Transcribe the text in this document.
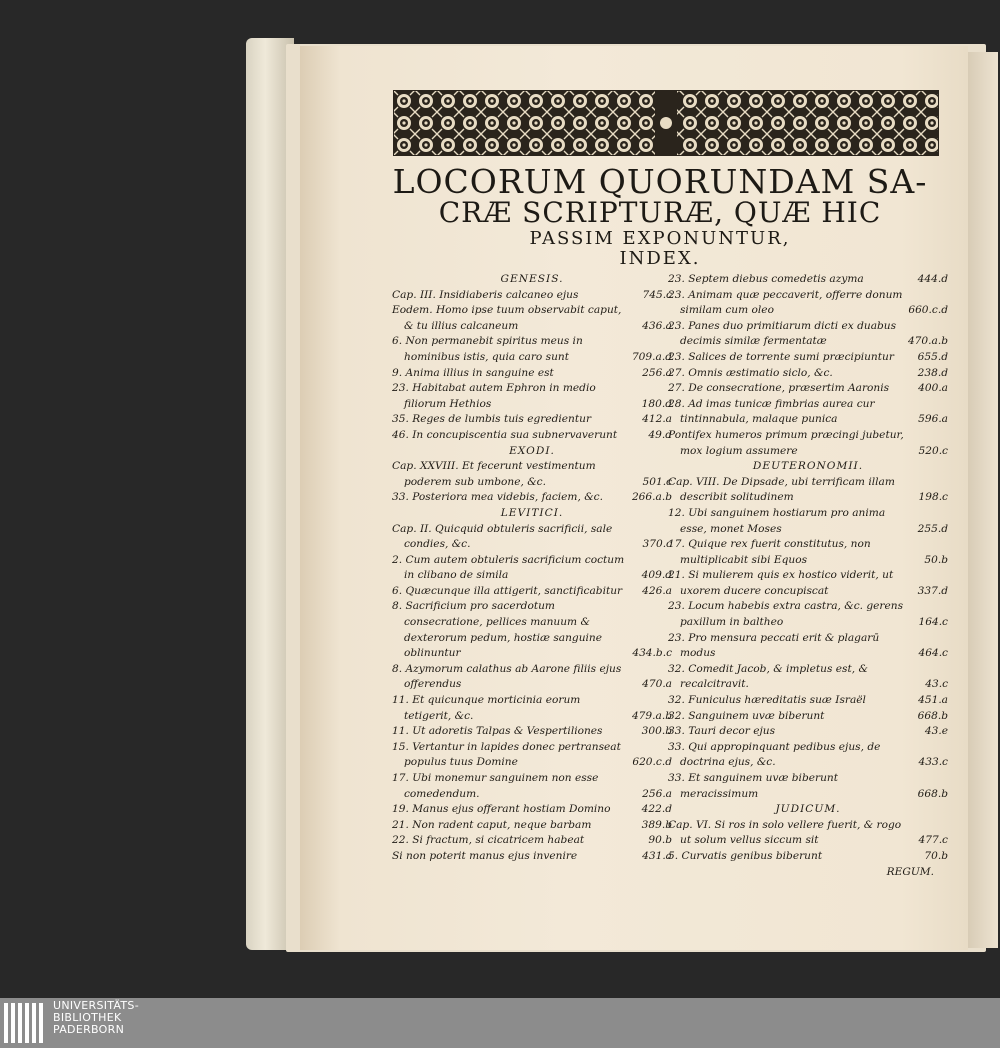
LOCORUM QUORUNDAM SA-
CRÆ SCRIPTURÆ, QUÆ HIC
PASSIM EXPONUNTUR,
INDEX.
GENESIS.
Cap. III. Insidiaberis calcaneo ejus	745.c
Eodem. Homo ipse tuum observabit caput, & tu illius calcaneum	436.a
6. Non permanebit spiritus meus in hominibus istis, quia caro sunt	709.a.d
9. Anima illius in sanguine est	256.a
23. Habitabat autem Ephron in medio filiorum Hethios	180.d
35. Reges de lumbis tuis egredientur	412.a
46. In concupiscentia sua subnervaverunt	49.d
EXODI.
Cap. XXVIII. Et fecerunt vestimentum poderem sub umbone, &c.	501.c
33. Posteriora mea videbis, faciem, &c.	266.a.b
LEVITICI.
Cap. II. Quicquid obtuleris sacrificii, sale condies, &c.	370.c
2. Cum autem obtuleris sacrificium coctum in clibano de simila	409.d
6. Quæcunque illa attigerit, sanctificabitur	426.a
8. Sacrificium pro sacerdotum consecratione, pellices manuum & dexterorum pedum, hostiæ sanguine oblinuntur	434.b.c
8. Azymorum calathus ab Aarone filiis ejus offerendus	470.a
11. Et quicunque morticinia eorum tetigerit, &c.	479.a.b
11. Ut adoretis Talpas & Vespertiliones	300.b
15. Vertantur in lapides donec pertranseat populus tuus Domine	620.c.d
17. Ubi monemur sanguinem non esse comedendum.	256.a
19. Manus ejus offerant hostiam Domino	422.d
21. Non radent caput, neque barbam	389.b
22. Si fractum, si cicatricem habeat	90.b
Si non poterit manus ejus invenire	431.a
23. Septem diebus comedetis azyma	444.d
23. Animam quæ peccaverit, offerre donum similam cum oleo	660.c.d
23. Panes duo primitiarum dicti ex duabus decimis similæ fermentatæ	470.a.b
23. Salices de torrente sumi præcipiuntur	655.d
27. Omnis æstimatio siclo, &c.	238.d
27. De consecratione, præsertim Aaronis	400.a
28. Ad imas tunicæ fimbrias aurea cur tintinnabula, malaque punica	596.a
Pontifex humeros primum præcingi jubetur, mox logium assumere	520.c
DEUTERONOMII.
Cap. VIII. De Dipsade, ubi terrificam illam describit solitudinem	198.c
12. Ubi sanguinem hostiarum pro anima esse, monet Moses	255.d
17. Quique rex fuerit constitutus, non multiplicabit sibi Equos	50.b
21. Si mulierem quis ex hostico viderit, ut uxorem ducere concupiscat	337.d
23. Locum habebis extra castra, &c. gerens paxillum in baltheo	164.c
23. Pro mensura peccati erit & plagarū modus	464.c
32. Comedit Jacob, & impletus est, & recalcitravit.	43.c
32. Funiculus hæreditatis suæ Israël	451.a
32. Sanguinem uvæ biberunt	668.b
33. Tauri decor ejus	43.e
33. Qui appropinquant pedibus ejus, de doctrina ejus, &c.	433.c
33. Et sanguinem uvæ biberunt meracissimum	668.b
JUDICUM.
Cap. VI. Si ros in solo vellere fuerit, & rogo ut solum vellus siccum sit	477.c
5. Curvatis genibus biberunt	70.b
REGUM.
UNIVERSITÄTS-
BIBLIOTHEK
PADERBORN
